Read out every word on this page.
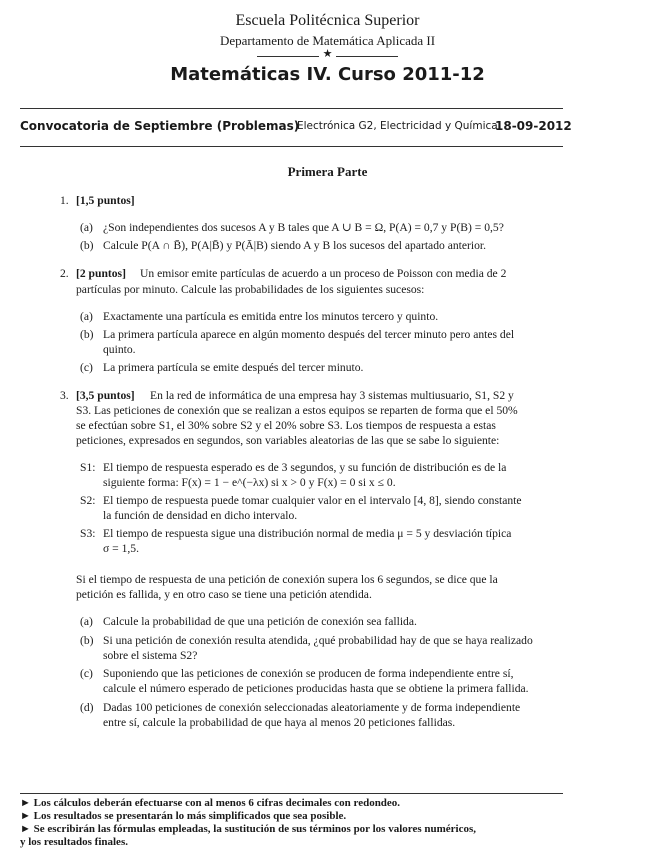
Escuela Politécnica Superior
Departamento de Matemática Aplicada II
★
Matemáticas IV. Curso 2011-12
Convocatoria de Septiembre (Problemas)
Electrónica G2, Electricidad y Química
18-09-2012
Primera Parte
1. [1,5 puntos]
(a) ¿Son independientes dos sucesos A y B tales que A ∪ B = Ω, P(A) = 0,7 y P(B) = 0,5?
(b) Calcule P(A ∩ B̄), P(A|B̄) y P(Ā|B) siendo A y B los sucesos del apartado anterior.
2. [2 puntos] Un emisor emite partículas de acuerdo a un proceso de Poisson con media de 2
partículas por minuto. Calcule las probabilidades de los siguientes sucesos:
(a) Exactamente una partícula es emitida entre los minutos tercero y quinto.
(b) La primera partícula aparece en algún momento después del tercer minuto pero antes del
quinto.
(c) La primera partícula se emite después del tercer minuto.
3. [3,5 puntos] En la red de informática de una empresa hay 3 sistemas multiusuario, S1, S2 y
S3. Las peticiones de conexión que se realizan a estos equipos se reparten de forma que el 50%
se efectúan sobre S1, el 30% sobre S2 y el 20% sobre S3. Los tiempos de respuesta a estas
peticiones, expresados en segundos, son variables aleatorias de las que se sabe lo siguiente:
S1: El tiempo de respuesta esperado es de 3 segundos, y su función de distribución es de la
siguiente forma: F(x) = 1 − e^(−λx) si x > 0 y F(x) = 0 si x ≤ 0.
S2: El tiempo de respuesta puede tomar cualquier valor en el intervalo [4, 8], siendo constante
la función de densidad en dicho intervalo.
S3: El tiempo de respuesta sigue una distribución normal de media μ = 5 y desviación típica
σ = 1,5.
Si el tiempo de respuesta de una petición de conexión supera los 6 segundos, se dice que la
petición es fallida, y en otro caso se tiene una petición atendida.
(a) Calcule la probabilidad de que una petición de conexión sea fallida.
(b) Si una petición de conexión resulta atendida, ¿qué probabilidad hay de que se haya realizado
sobre el sistema S2?
(c) Suponiendo que las peticiones de conexión se producen de forma independiente entre sí,
calcule el número esperado de peticiones producidas hasta que se obtiene la primera fallida.
(d) Dadas 100 peticiones de conexión seleccionadas aleatoriamente y de forma independiente
entre sí, calcule la probabilidad de que haya al menos 20 peticiones fallidas.
► Los cálculos deberán efectuarse con al menos 6 cifras decimales con redondeo.
► Los resultados se presentarán lo más simplificados que sea posible.
► Se escribirán las fórmulas empleadas, la sustitución de sus términos por los valores numéricos,
y los resultados finales.
